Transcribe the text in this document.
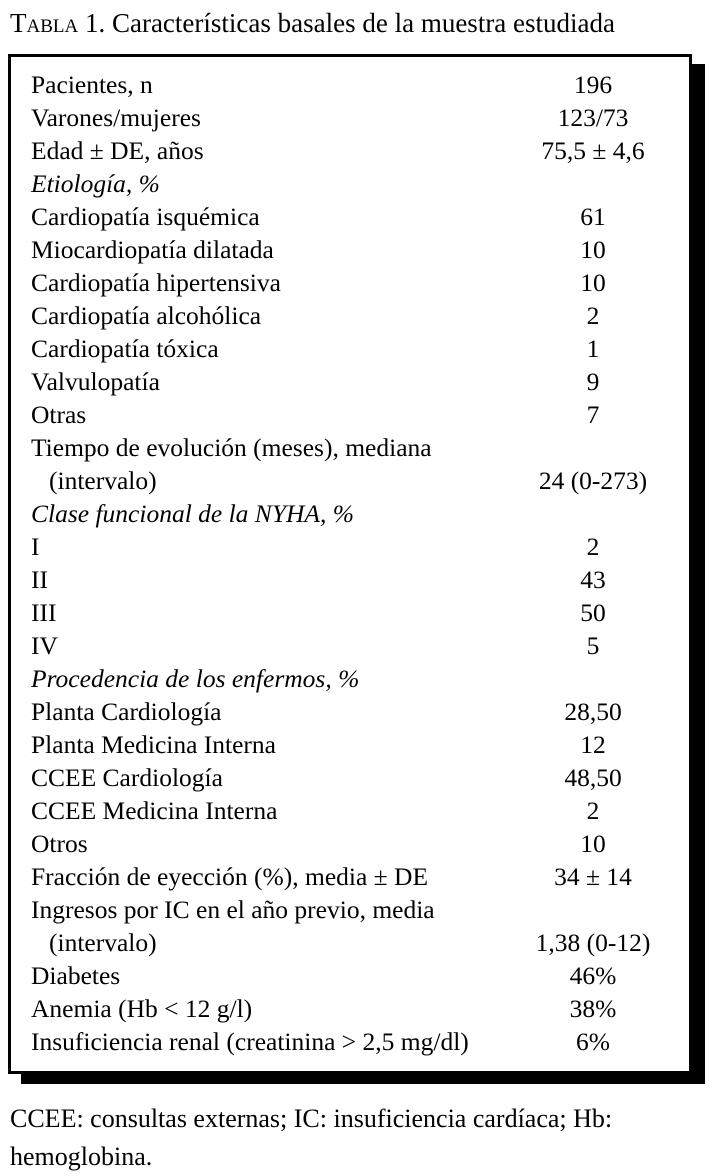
Tabla 1. Características basales de la muestra estudiada
Pacientes, n	196
Varones/mujeres	123/73
Edad ± DE, años	75,5 ± 4,6
Etiología, %
Cardiopatía isquémica	61
Miocardiopatía dilatada	10
Cardiopatía hipertensiva	10
Cardiopatía alcohólica	2
Cardiopatía tóxica	1
Valvulopatía	9
Otras	7
Tiempo de evolución (meses), mediana
(intervalo)	24 (0-273)
Clase funcional de la NYHA, %
I	2
II	43
III	50
IV	5
Procedencia de los enfermos, %
Planta Cardiología	28,50
Planta Medicina Interna	12
CCEE Cardiología	48,50
CCEE Medicina Interna	2
Otros	10
Fracción de eyección (%), media ± DE	34 ± 14
Ingresos por IC en el año previo, media
(intervalo)	1,38 (0-12)
Diabetes	46%
Anemia (Hb < 12 g/l)	38%
Insuficiencia renal (creatinina > 2,5 mg/dl)	6%
CCEE: consultas externas; IC: insuficiencia cardíaca; Hb:
hemoglobina.
